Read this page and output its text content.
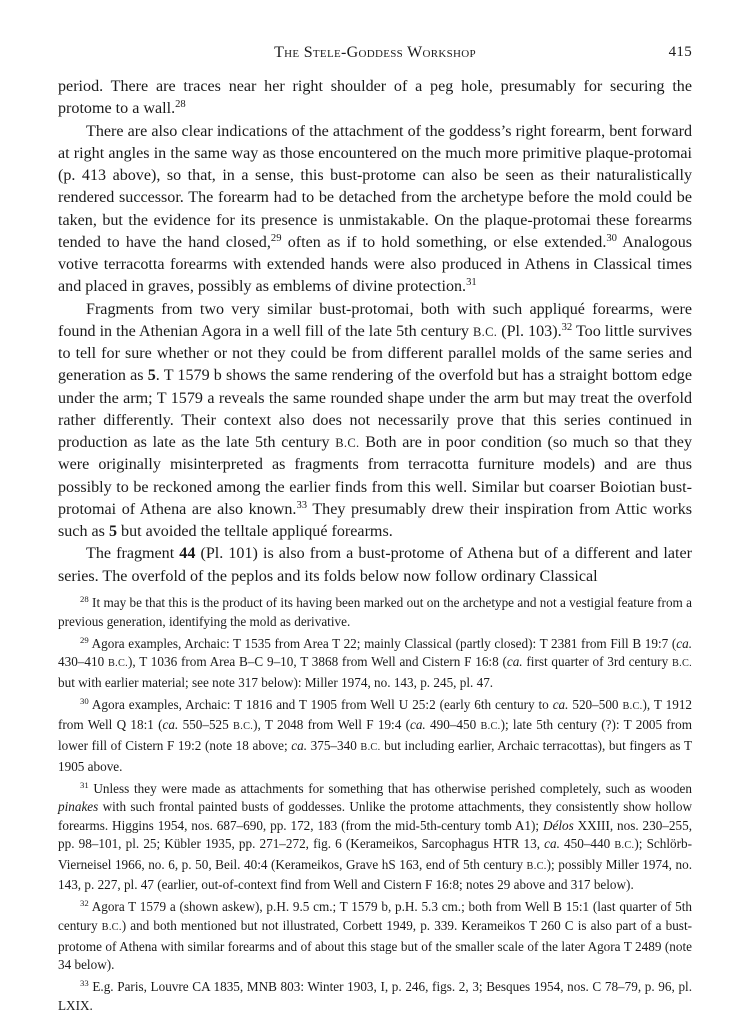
The Stele-Goddess Workshop	415

period. There are traces near her right shoulder of a peg hole, presumably for securing the protome to a wall.$^{28}$

There are also clear indications of the attachment of the goddess’s right forearm, bent forward at right angles in the same way as those encountered on the much more primitive plaque-protomai (p. 413 above), so that, in a sense, this bust-protome can also be seen as their naturalistically rendered successor. The forearm had to be detached from the archetype before the mold could be taken, but the evidence for its presence is unmistakable. On the plaque-protomai these forearms tended to have the hand closed,$^{29}$ often as if to hold something, or else extended.$^{30}$ Analogous votive terracotta forearms with extended hands were also produced in Athens in Classical times and placed in graves, possibly as emblems of divine protection.$^{31}$

Fragments from two very similar bust-protomai, both with such appliqué forearms, were found in the Athenian Agora in a well fill of the late 5th century B.C. (Pl. 103).$^{32}$ Too little survives to tell for sure whether or not they could be from different parallel molds of the same series and generation as 5. T 1579 b shows the same rendering of the overfold but has a straight bottom edge under the arm; T 1579 a reveals the same rounded shape under the arm but may treat the overfold rather differently. Their context also does not necessarily prove that this series continued in production as late as the late 5th century B.C. Both are in poor condition (so much so that they were originally misinterpreted as fragments from terracotta furniture models) and are thus possibly to be reckoned among the earlier finds from this well. Similar but coarser Boiotian bust-protomai of Athena are also known.$^{33}$ They presumably drew their inspiration from Attic works such as 5 but avoided the telltale appliqué forearms.

The fragment 44 (Pl. 101) is also from a bust-protome of Athena but of a different and later series. The overfold of the peplos and its folds below now follow ordinary Classical

$^{28}$ It may be that this is the product of its having been marked out on the archetype and not a vestigial feature from a previous generation, identifying the mold as derivative.

$^{29}$ Agora examples, Archaic: T 1535 from Area T 22; mainly Classical (partly closed): T 2381 from Fill B 19:7 (ca. 430–410 B.C.), T 1036 from Area B–C 9–10, T 3868 from Well and Cistern F 16:8 (ca. first quarter of 3rd century B.C. but with earlier material; see note 317 below): Miller 1974, no. 143, p. 245, pl. 47.

$^{30}$ Agora examples, Archaic: T 1816 and T 1905 from Well U 25:2 (early 6th century to ca. 520–500 B.C.), T 1912 from Well Q 18:1 (ca. 550–525 B.C.), T 2048 from Well F 19:4 (ca. 490–450 B.C.); late 5th century (?): T 2005 from lower fill of Cistern F 19:2 (note 18 above; ca. 375–340 B.C. but including earlier, Archaic terracottas), but fingers as T 1905 above.

$^{31}$ Unless they were made as attachments for something that has otherwise perished completely, such as wooden pinakes with such frontal painted busts of goddesses. Unlike the protome attachments, they consistently show hollow forearms. Higgins 1954, nos. 687–690, pp. 172, 183 (from the mid-5th-century tomb A1); Délos XXIII, nos. 230–255, pp. 98–101, pl. 25; Kübler 1935, pp. 271–272, fig. 6 (Kerameikos, Sarcophagus HTR 13, ca. 450–440 B.C.); Schlörb-Vierneisel 1966, no. 6, p. 50, Beil. 40:4 (Kerameikos, Grave hS 163, end of 5th century B.C.); possibly Miller 1974, no. 143, p. 227, pl. 47 (earlier, out-of-context find from Well and Cistern F 16:8; notes 29 above and 317 below).

$^{32}$ Agora T 1579 a (shown askew), p.H. 9.5 cm.; T 1579 b, p.H. 5.3 cm.; both from Well B 15:1 (last quarter of 5th century B.C.) and both mentioned but not illustrated, Corbett 1949, p. 339. Kerameikos T 260 C is also part of a bust-protome of Athena with similar forearms and of about this stage but of the smaller scale of the later Agora T 2489 (note 34 below).

$^{33}$ E.g. Paris, Louvre CA 1835, MNB 803: Winter 1903, I, p. 246, figs. 2, 3; Besques 1954, nos. C 78–79, p. 96, pl. LXIX.
